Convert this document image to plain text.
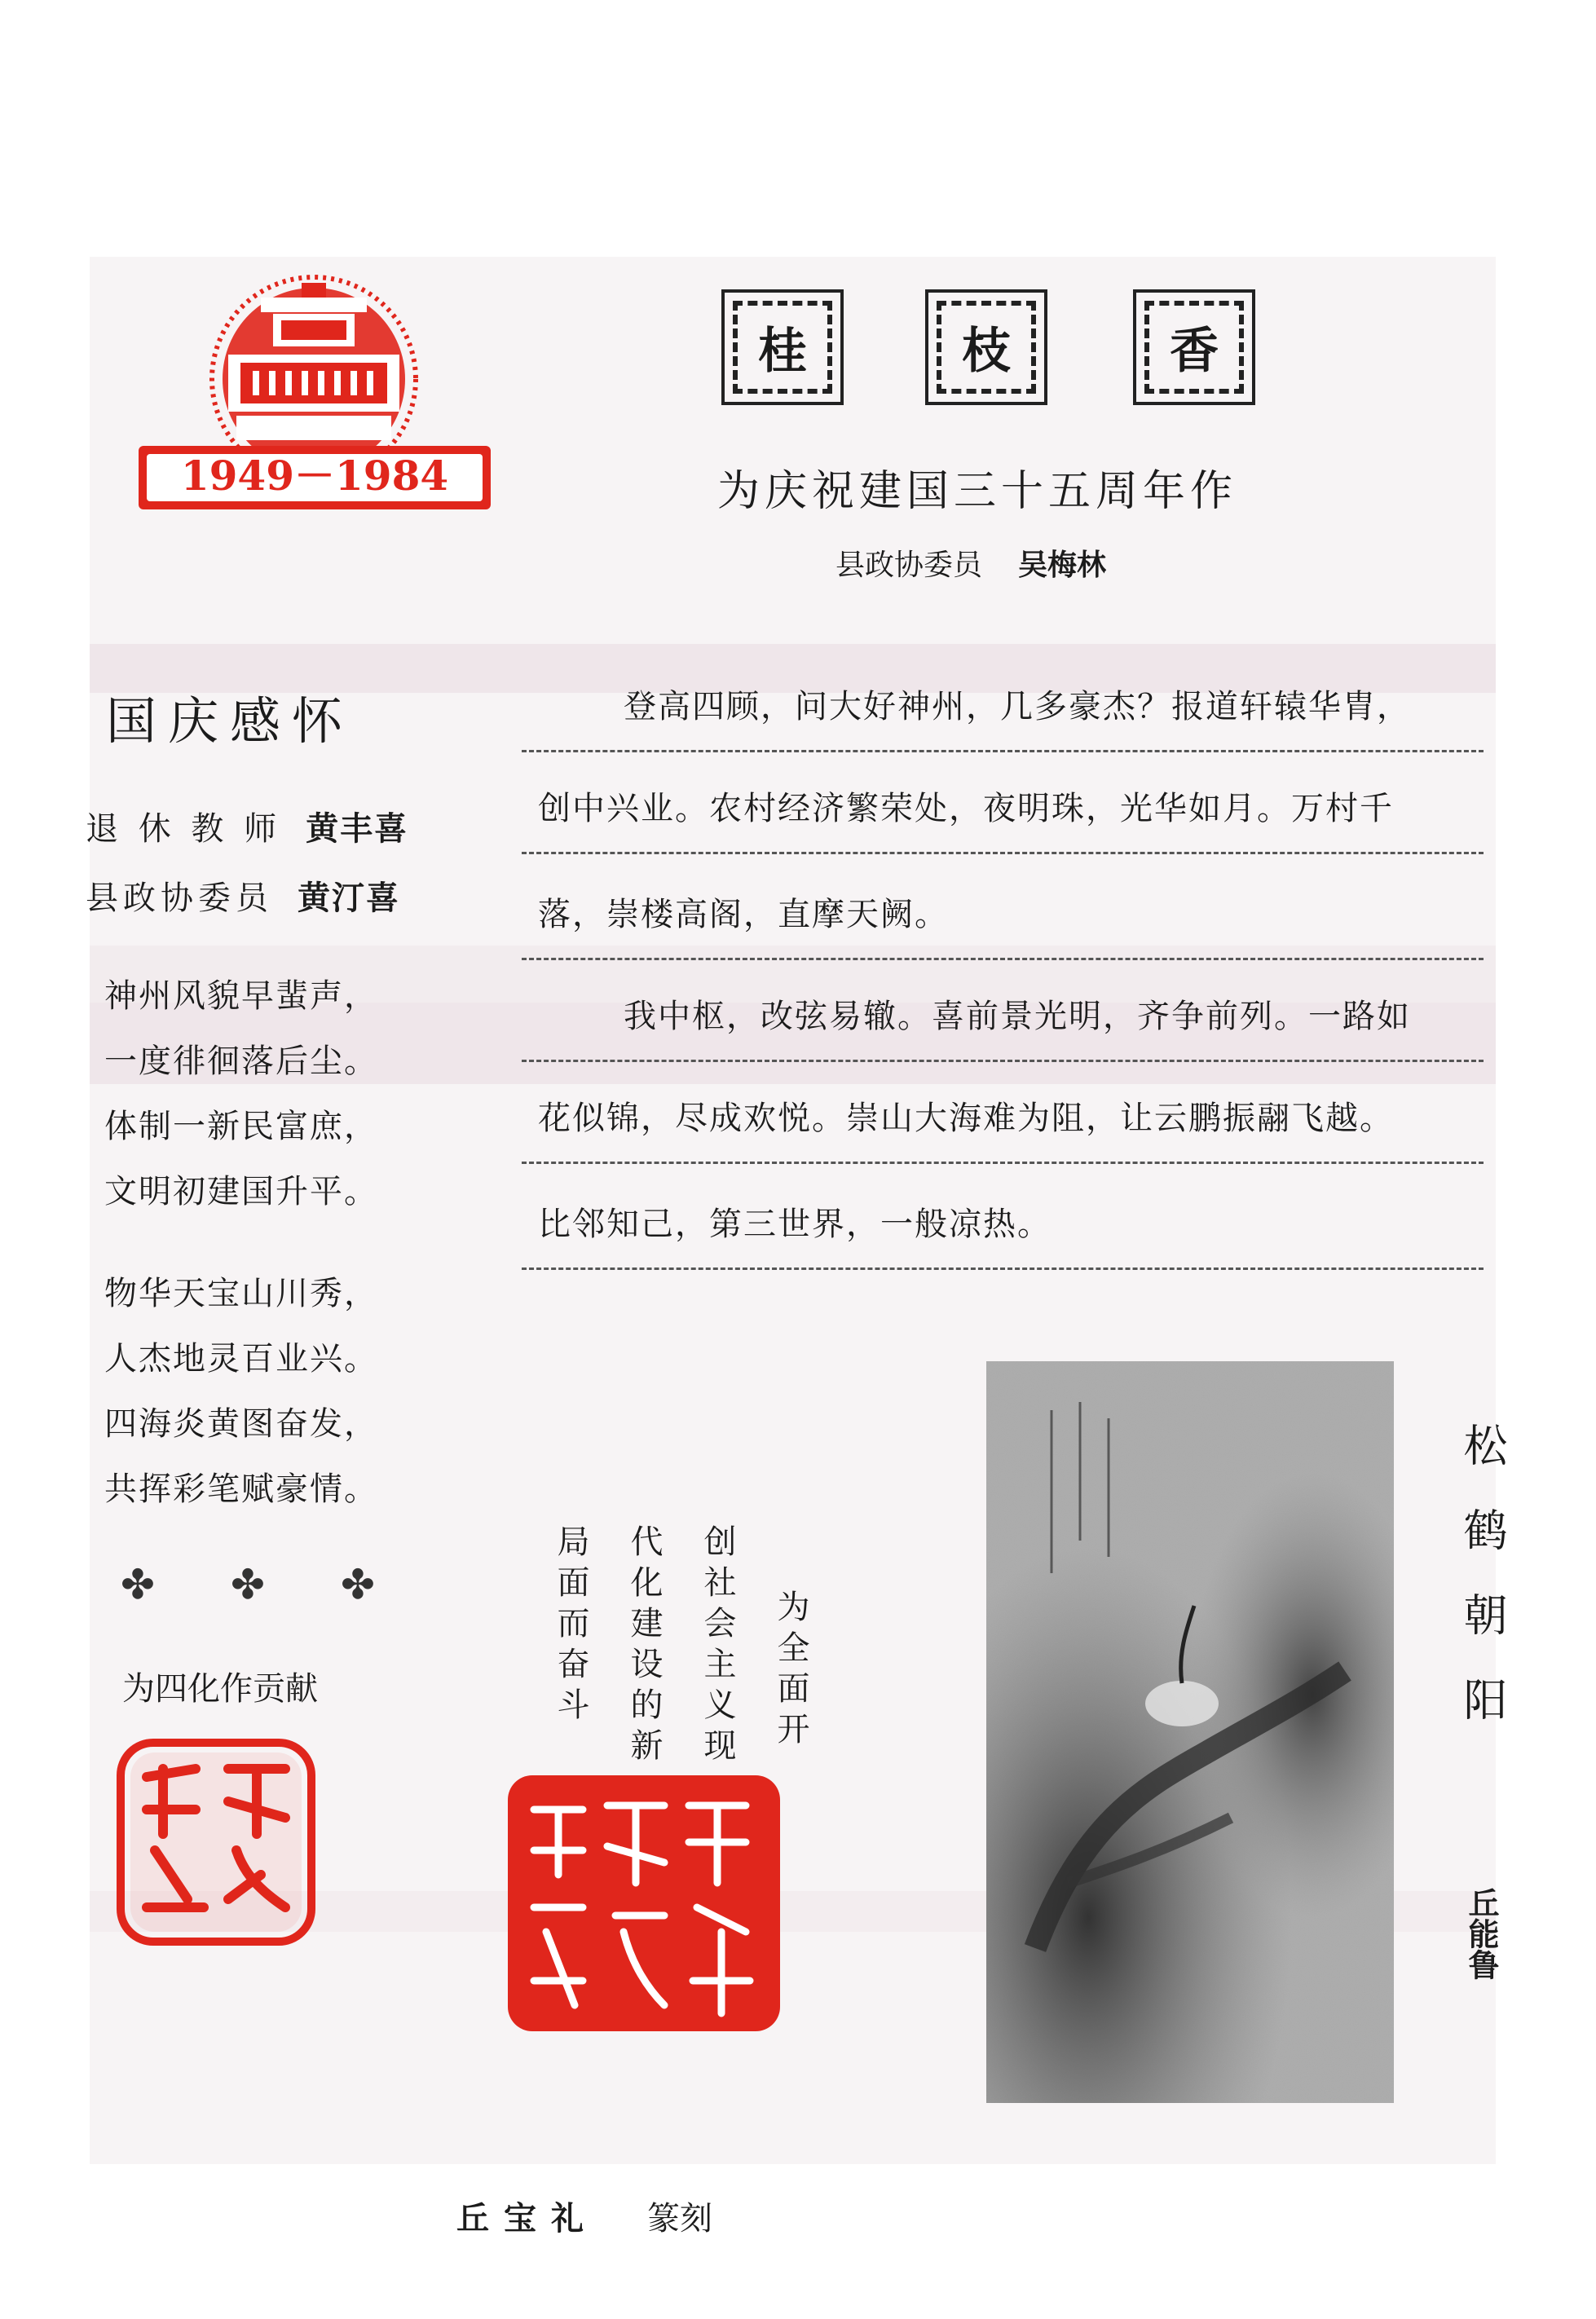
1949－1984
桂	枝	香
为庆祝建国三十五周年作
县政协委员 吴梅林
国庆感怀
退 休 教 师 黄丰喜
县政协委员 黄汀喜
神州风貌早蜚声，
一度徘徊落后尘。
体制一新民富庶，
文明初建国升平。
物华天宝山川秀，
人杰地灵百业兴。
四海炎黄图奋发，
共挥彩笔赋豪情。
✤ ✤ ✤
为四化作贡献
登高四顾，问大好神州，几多豪杰？报道轩辕华胄，
创中兴业。农村经济繁荣处，夜明珠，光华如月。万村千
落，崇楼高阁，直摩天阙。
我中枢，改弦易辙。喜前景光明，齐争前列。一路如
花似锦，尽成欢悦。崇山大海难为阻，让云鹏振翮飞越。
比邻知己，第三世界，一般凉热。
为全面开
创社会主义现
代化建设的新
局面而奋斗	松鹤朝阳
丘能鲁
丘宝礼 篆刻
